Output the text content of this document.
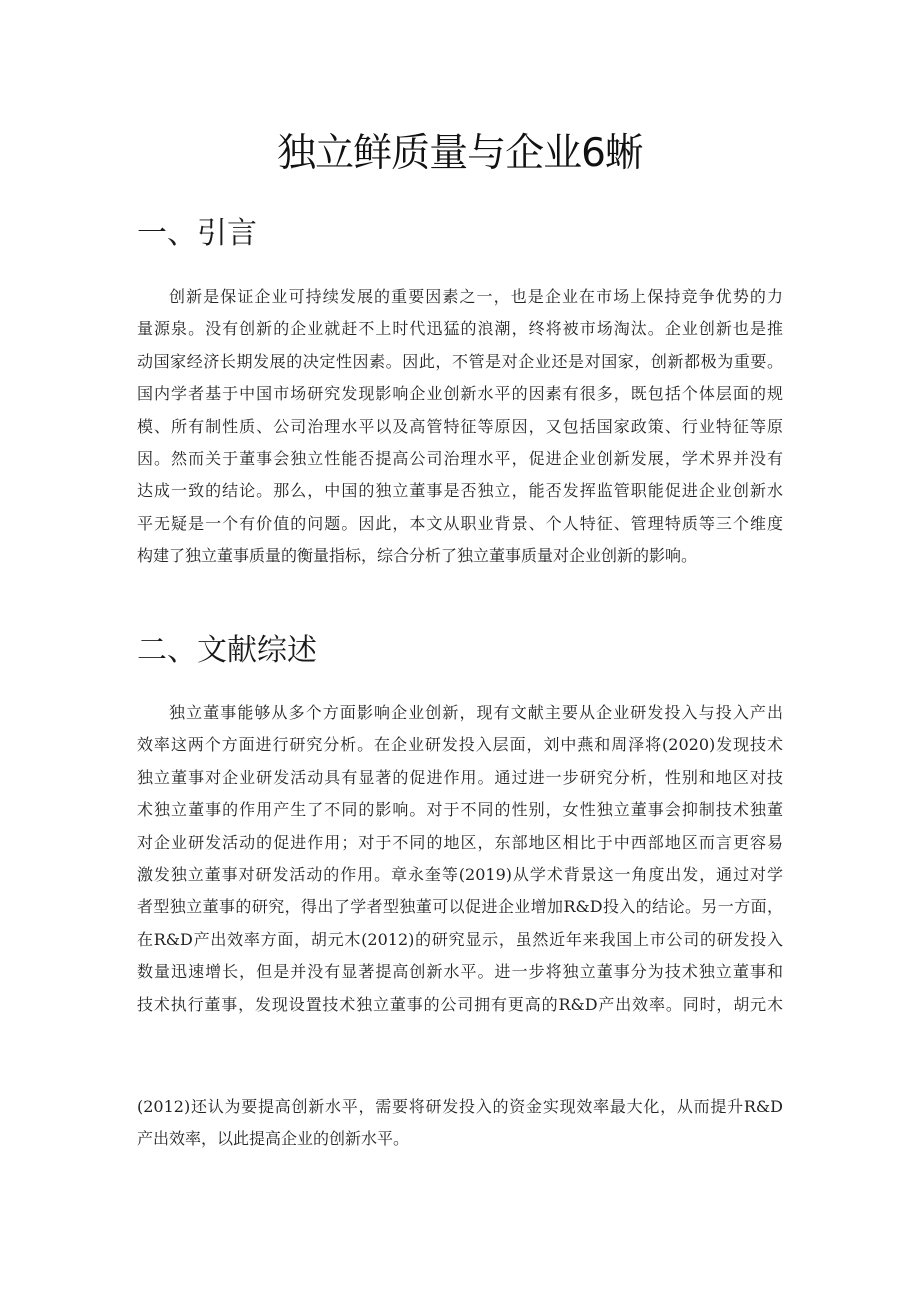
独立鲜质量与企业6蜥
一、引言
创新是保证企业可持续发展的重要因素之一，也是企业在市场上保持竞争优势的力
量源泉。没有创新的企业就赶不上时代迅猛的浪潮，终将被市场淘汰。企业创新也是推
动国家经济长期发展的决定性因素。因此，不管是对企业还是对国家，创新都极为重要。
国内学者基于中国市场研究发现影响企业创新水平的因素有很多，既包括个体层面的规
模、所有制性质、公司治理水平以及高管特征等原因，又包括国家政策、行业特征等原
因。然而关于董事会独立性能否提高公司治理水平，促进企业创新发展，学术界并没有
达成一致的结论。那么，中国的独立董事是否独立，能否发挥监管职能促进企业创新水
平无疑是一个有价值的问题。因此，本文从职业背景、个人特征、管理特质等三个维度
构建了独立董事质量的衡量指标，综合分析了独立董事质量对企业创新的影响。
二、文献综述
独立董事能够从多个方面影响企业创新，现有文献主要从企业研发投入与投入产出
效率这两个方面进行研究分析。在企业研发投入层面，刘中燕和周泽将(2020)发现技术
独立董事对企业研发活动具有显著的促进作用。通过进一步研究分析，性别和地区对技
术独立董事的作用产生了不同的影响。对于不同的性别，女性独立董事会抑制技术独董
对企业研发活动的促进作用；对于不同的地区，东部地区相比于中西部地区而言更容易
激发独立董事对研发活动的作用。章永奎等(2019)从学术背景这一角度出发，通过对学
者型独立董事的研究，得出了学者型独董可以促进企业增加R&D投入的结论。另一方面，
在R&D产出效率方面，胡元木(2012)的研究显示，虽然近年来我国上市公司的研发投入
数量迅速增长，但是并没有显著提高创新水平。进一步将独立董事分为技术独立董事和
技术执行董事，发现设置技术独立董事的公司拥有更高的R&D产出效率。同时，胡元木
(2012)还认为要提高创新水平，需要将研发投入的资金实现效率最大化，从而提升R&D
产出效率，以此提高企业的创新水平。
